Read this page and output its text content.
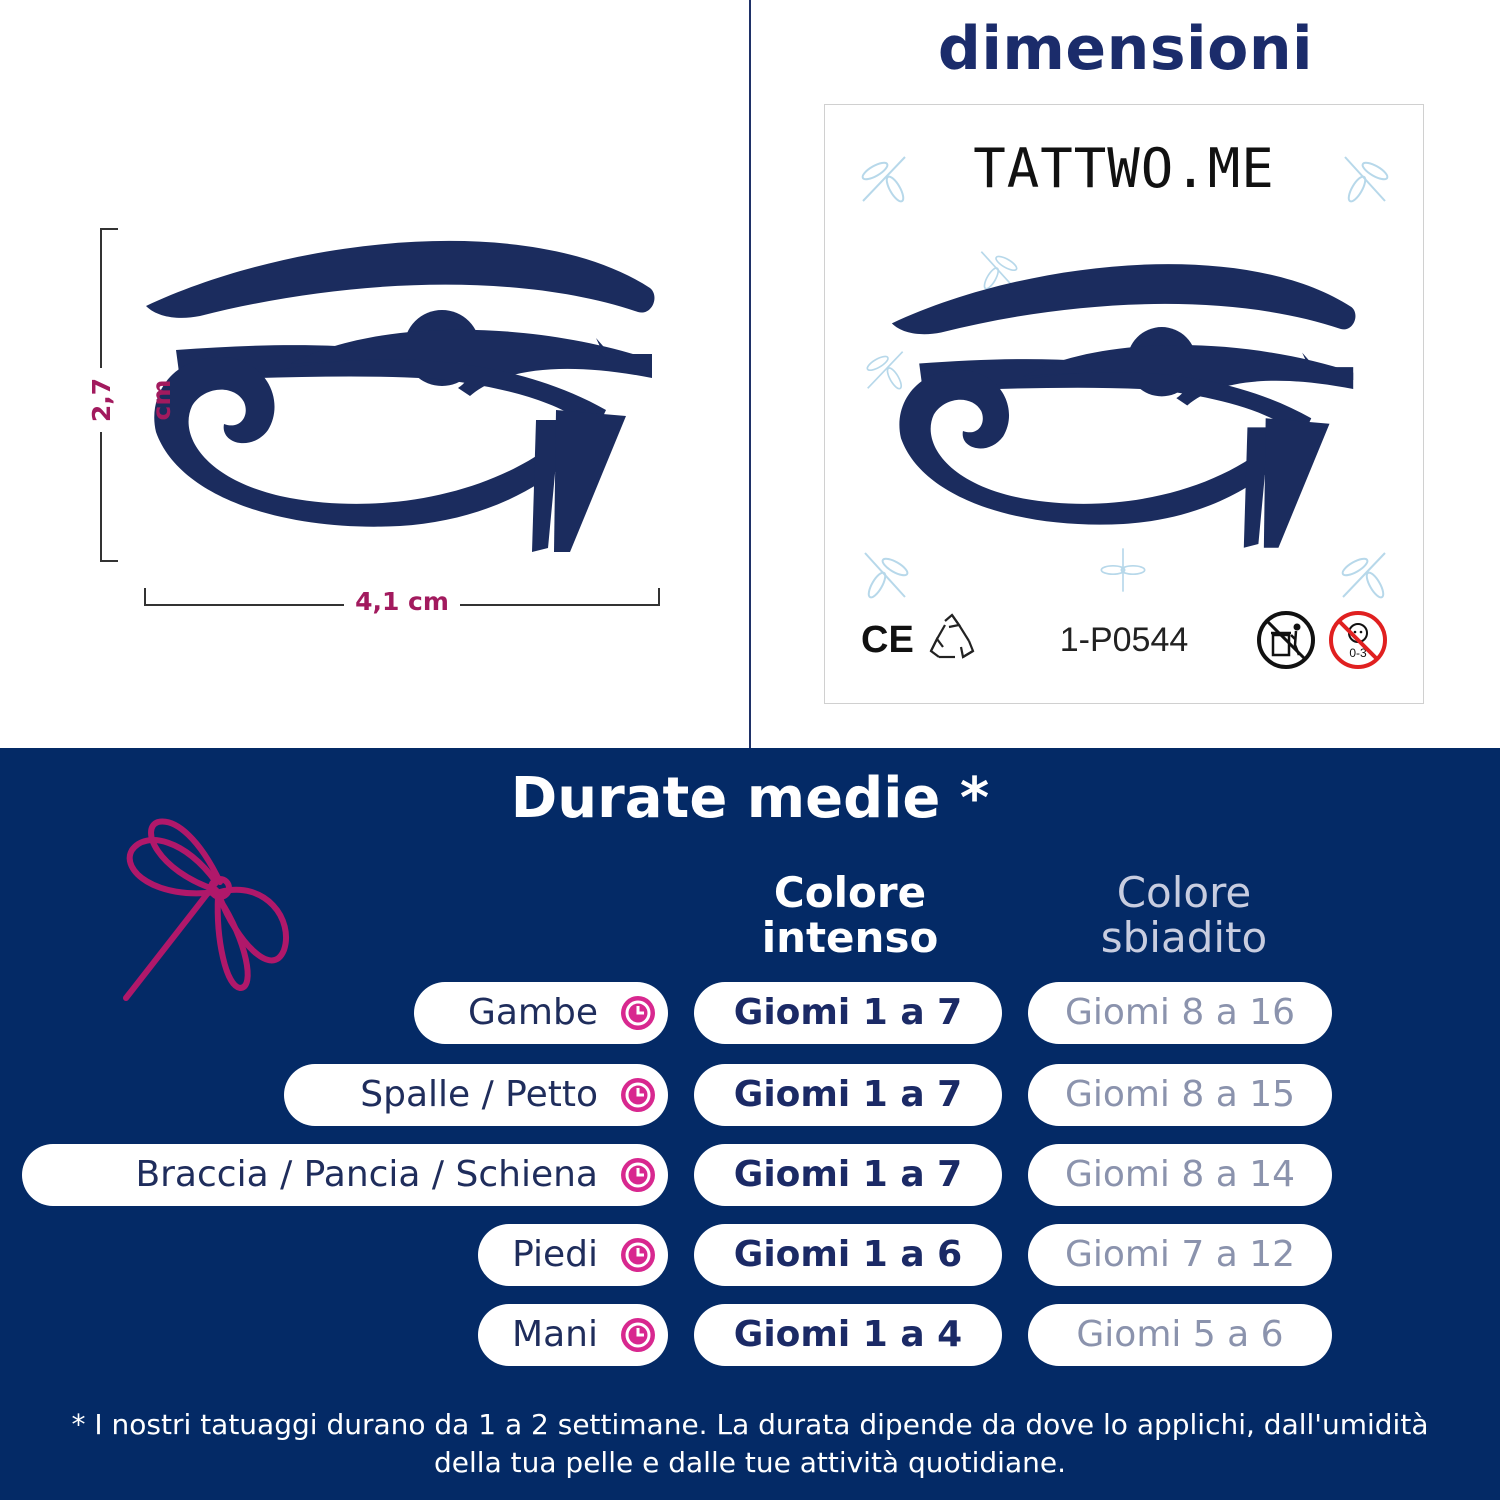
2,7 cm
4,1 cm
dimensioni
TATTWO.ME
CE	1-P0544	0-3
Durate medie *
Colore intenso
Colore sbiadito
Gambe	Giomi 1 a 7	Giomi 8 a 16
Spalle / Petto	Giomi 1 a 7	Giomi 8 a 15
Braccia / Pancia / Schiena	Giomi 1 a 7	Giomi 8 a 14
Piedi	Giomi 1 a 6	Giomi 7 a 12
Mani	Giomi 1 a 4	Giomi 5 a 6
* I nostri tatuaggi durano da 1 a 2 settimane. La durata dipende da dove lo applichi, dall'umidità della tua pelle e dalle tue attività quotidiane.
